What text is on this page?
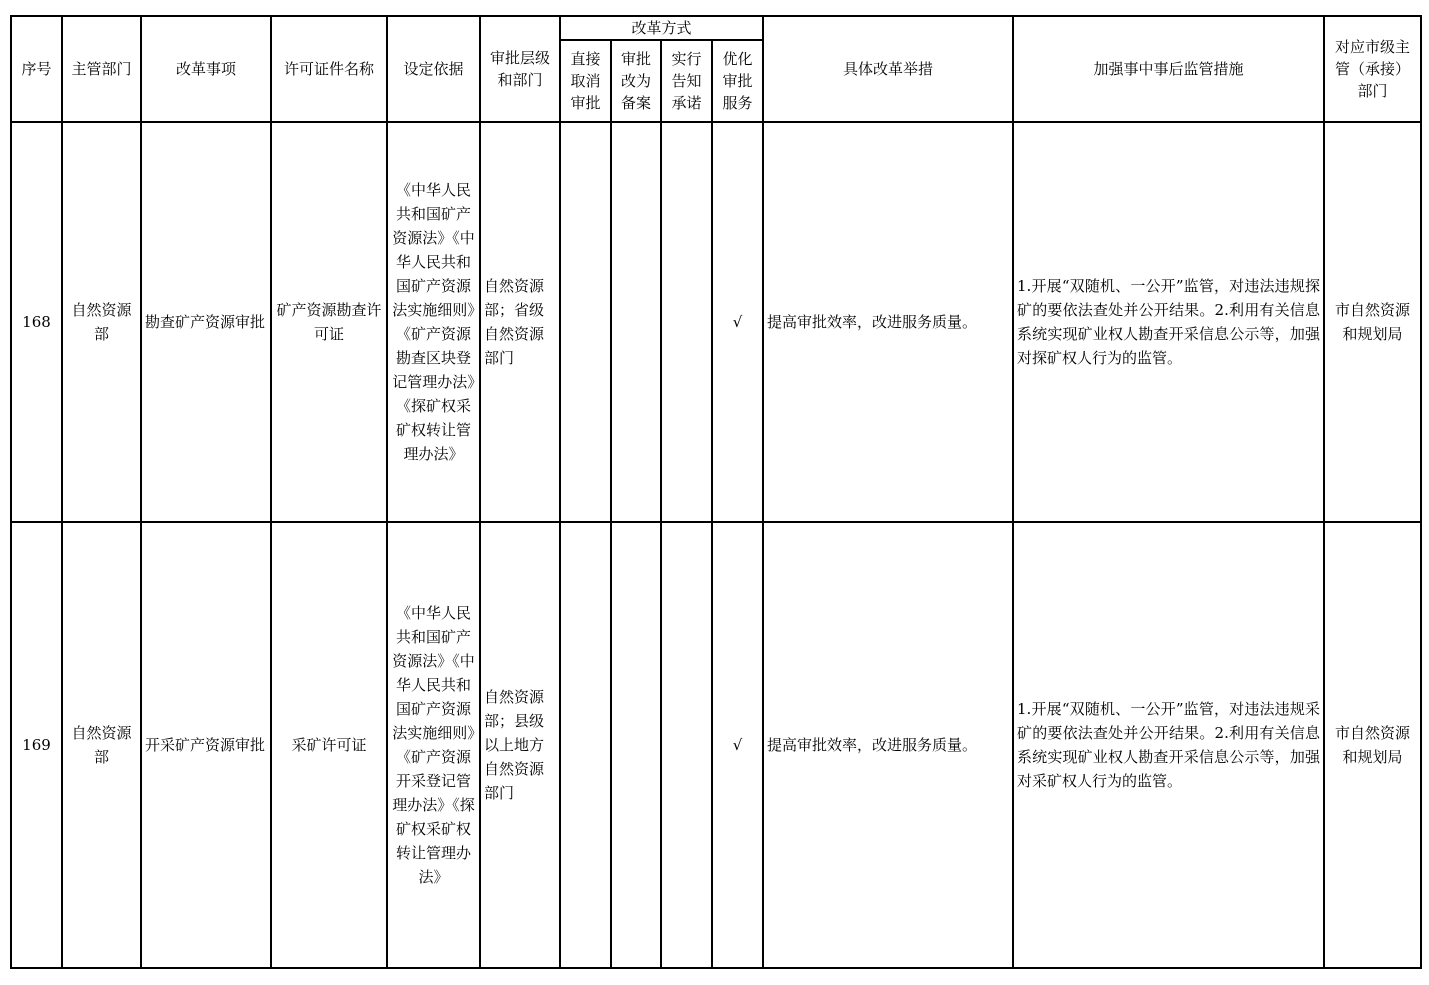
序号	主管部门	改革事项	许可证件名称	设定依据	审批层级和部门	改革方式				具体改革举措	加强事中事后监管措施	对应市级主管（承接）部门
						直接取消审批	审批改为备案	实行告知承诺	优化审批服务			
168	自然资源部	勘查矿产资源审批	矿产资源勘查许可证	《中华人民共和国矿产资源法》《中华人民共和国矿产资源法实施细则》《矿产资源勘查区块登记管理办法》《探矿权采矿权转让管理办法》	自然资源部；省级自然资源部门				√	提高审批效率，改进服务质量。	1.开展“双随机、一公开”监管，对违法违规探矿的要依法查处并公开结果。2.利用有关信息系统实现矿业权人勘查开采信息公示等，加强对探矿权人行为的监管。	市自然资源和规划局
169	自然资源部	开采矿产资源审批	采矿许可证	《中华人民共和国矿产资源法》《中华人民共和国矿产资源法实施细则》《矿产资源开采登记管理办法》《探矿权采矿权转让管理办法》	自然资源部；县级以上地方自然资源部门				√	提高审批效率，改进服务质量。	1.开展“双随机、一公开”监管，对违法违规采矿的要依法查处并公开结果。2.利用有关信息系统实现矿业权人勘查开采信息公示等，加强对采矿权人行为的监管。	市自然资源和规划局
